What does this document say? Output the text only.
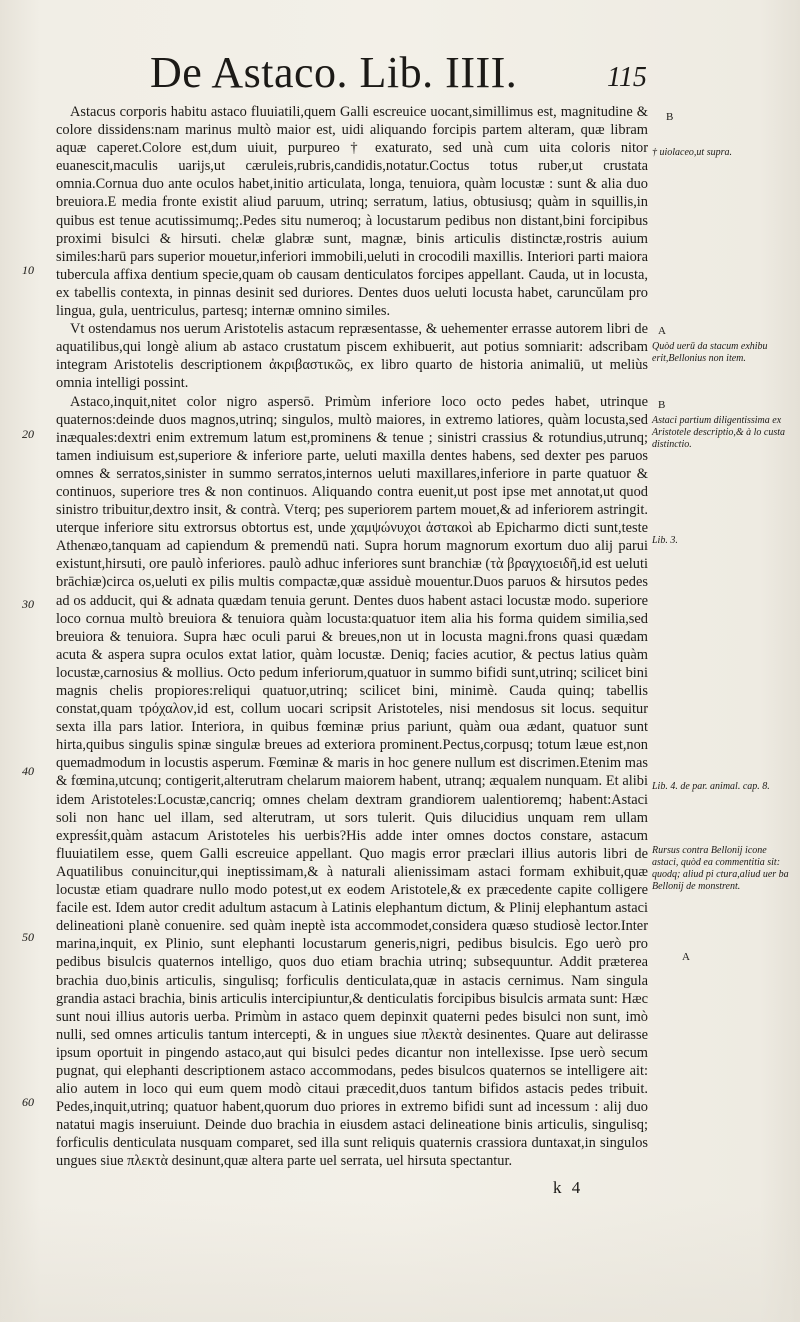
De Astaco. Lib. IIII.	115

Astacus corporis habitu astaco fluuiatili,quem Galli escreuice uocant,simillimus est, magnitudine & colore dissidens:nam marinus multò maior est, uidi aliquando forcipis partem alteram, quæ libram aquæ caperet.Colore est,dum uiuit, purpureo † exaturato, sed unà cum uita coloris nitor euanescit,maculis uarijs,ut cæruleis,rubris,candidis,notatur.Coctus totus ruber,ut crustata omnia.Cornua duo ante oculos habet,initio articulata, longa, tenuiora, quàm locustæ : sunt & alia duo breuiora.E media fronte existit aliud paruum, utrinq; serratum, latius, obtusiusq; quàm in squillis,in quibus est tenue acutissimumq;.Pedes situ numeroq; à locustarum pedibus non distant,bini forcipibus proximi bisulci & hirsuti. chelæ glabræ sunt, magnæ, binis articulis distinctæ,rostris auium similes:harū pars superior mouetur,inferiori immobili,ueluti in crocodili maxillis. Interiori parti maiora tubercula affixa dentium specie,quam ob causam denticulatos forcipes appellant. Cauda, ut in locusta, ex tabellis contexta, in pinnas desinit sed duriores. Dentes duos ueluti locusta habet, caruncŭlam pro lingua, gula, uentriculus, partesq; internæ omnino similes.

Vt ostendamus nos uerum Aristotelis astacum repræsentasse, & uehementer errasse autorem libri de aquatilibus,qui longè alium ab astaco crustatum piscem exhibuerit, aut potius somniarit: adscribam integram Aristotelis descriptionem ἀκριβαστικῶς, ex libro quarto de historia animaliū, ut meliùs omnia intelligi possint.

Astaco,inquit,nitet color nigro aspersō. Primùm inferiore loco octo pedes habet, utrinque quaternos:deinde duos magnos,utrinq; singulos, multò maiores, in extremo latiores, quàm locusta,sed inæquales:dextri enim extremum latum est,prominens & tenue ; sinistri crassius & rotundius,utrunq; tamen indiuisum est,superiore & inferiore parte, ueluti maxilla dentes habens, sed dexter pes paruos omnes & serratos,sinister in summo serratos,internos ueluti maxillares,inferiore in parte quatuor & continuos, superiore tres & non continuos. Aliquando contra euenit,ut post ipse met annotat,ut quod sinistro tribuitur,dextro insit, & contrà. Vterq; pes superiorem partem mouet,& ad inferiorem astringit. uterque inferiore situ extrorsus obtortus est, unde χαμψώνυχοι ἀστακοὶ ab Epicharmo dicti sunt,teste Athenæo,tanquam ad capiendum & premendū nati. Supra horum magnorum exortum duo alij parui existunt,hirsuti, ore paulò inferiores. paulò adhuc inferiores sunt branchiæ (τὰ βραγχιοειδῆ,id est ueluti brāchiæ)circa os,ueluti ex pilis multis compactæ,quæ assiduè mouentur.Duos paruos & hirsutos pedes ad os adducit, qui & adnata quædam tenuia gerunt. Dentes duos habent astaci locustæ modo. superiore loco cornua multò breuiora & tenuiora quàm locusta:quatuor item alia his forma quidem similia,sed breuiora & tenuiora. Supra hæc oculi parui & breues,non ut in locusta magni.frons quasi quædam acuta & aspera supra oculos extat latior, quàm locustæ. Deniq; facies acutior, & pectus latius quàm locustæ,carnosius & mollius. Octo pedum inferiorum,quatuor in summo bifidi sunt,utrinq; scilicet bini magnis chelis propiores:reliqui quatuor,utrinq; scilicet bini, minimè. Cauda quinq; tabellis constat,quam τρόχαλον,id est, collum uocari scripsit Aristoteles, nisi mendosus sit locus. sequitur sexta illa pars latior. Interiora, in quibus fœminæ prius pariunt, quàm oua ædant, quatuor sunt hirta,quibus singulis spinæ singulæ breues ad exteriora prominent.Pectus,corpusq; totum læue est,non quemadmodum in locustis asperum. Fœminæ & maris in hoc genere nullum est discrimen.Etenim mas & fœmina,utcunq; contigerit,alterutram chelarum maiorem habent, utranq; æqualem nunquam. Et alibi idem Aristoteles:Locustæ,cancriq; omnes chelam dextram grandiorem ualentioremq; habent:Astaci soli non hanc uel illam, sed alterutram, ut sors tulerit. Quis dilucidius unquam rem ullam expresśit,quàm astacum Aristoteles his uerbis?His adde inter omnes doctos constare, astacum fluuiatilem esse, quem Galli escreuice appellant. Quo magis error præclari illius autoris libri de Aquatilibus conuincitur,qui ineptissimam,& à naturali alienissimam astaci formam exhibuit,quæ locustæ etiam quadrare nullo modo potest,ut ex eodem Aristotele,& ex præcedente capite colligere facile est. Idem autor credit adultum astacum à Latinis elephantum dictum, & Plinij elephantum astaci delineationi planè conuenire. sed quàm ineptè ista accommodet,considera quæso studiosè lector.Inter marina,inquit, ex Plinio, sunt elephanti locustarum generis,nigri, pedibus bisulcis. Ego uerò pro pedibus bisulcis quaternos intelligo, quos duo etiam brachia utrinq; subsequuntur. Addit præterea brachia duo,binis articulis, singulisq; forficulis denticulata,quæ in astacis cernimus. Nam singula grandia astaci brachia, binis articulis intercipiuntur,& denticulatis forcipibus bisulcis armata sunt: Hæc sunt noui illius autoris uerba. Primùm in astaco quem depinxit quaterni pedes bisulci non sunt, imò nulli, sed omnes articulis tantum intercepti, & in ungues siue πλεκτὰ desinentes. Quare aut delirasse ipsum oportuit in pingendo astaco,aut qui bisulci pedes dicantur non intellexisse. Ipse uerò secum pugnat, qui elephanti descriptionem astaco accommodans, pedes bisulcos quaternos se intelligere ait: alio autem in loco qui eum quem modò citaui præcedit,duos tantum bifidos astacis pedes tribuit. Pedes,inquit,utrinq; quatuor habent,quorum duo priores in extremo bifidi sunt ad incessum : alij duo natatui magis inseruiunt. Deinde duo brachia in eiusdem astaci delineatione binis articulis, singulisq; forficulis denticulata nusquam comparet, sed illa sunt reliquis quaternis crassiora duntaxat,in singulos ungues siue πλεκτὰ desinunt,quæ altera parte uel serrata, uel hirsuta spectantur.

B
† uiolaceo,ut supra.
A
Quòd uerū da stacum exhibu erit,Bellonius non item.
B
Astaci partium diligentissima ex Aristotele descriptio,& à lo custa distinctio.
Lib. 3.
Lib. 4. de par. animal. cap. 8.
Rursus contra Bellonij icone astaci, quòd ea commentitia sit: quodq; aliud pi ctura,aliud uer ba Bellonij de monstrent.
A
10
20
30
40
50
60
k 4
